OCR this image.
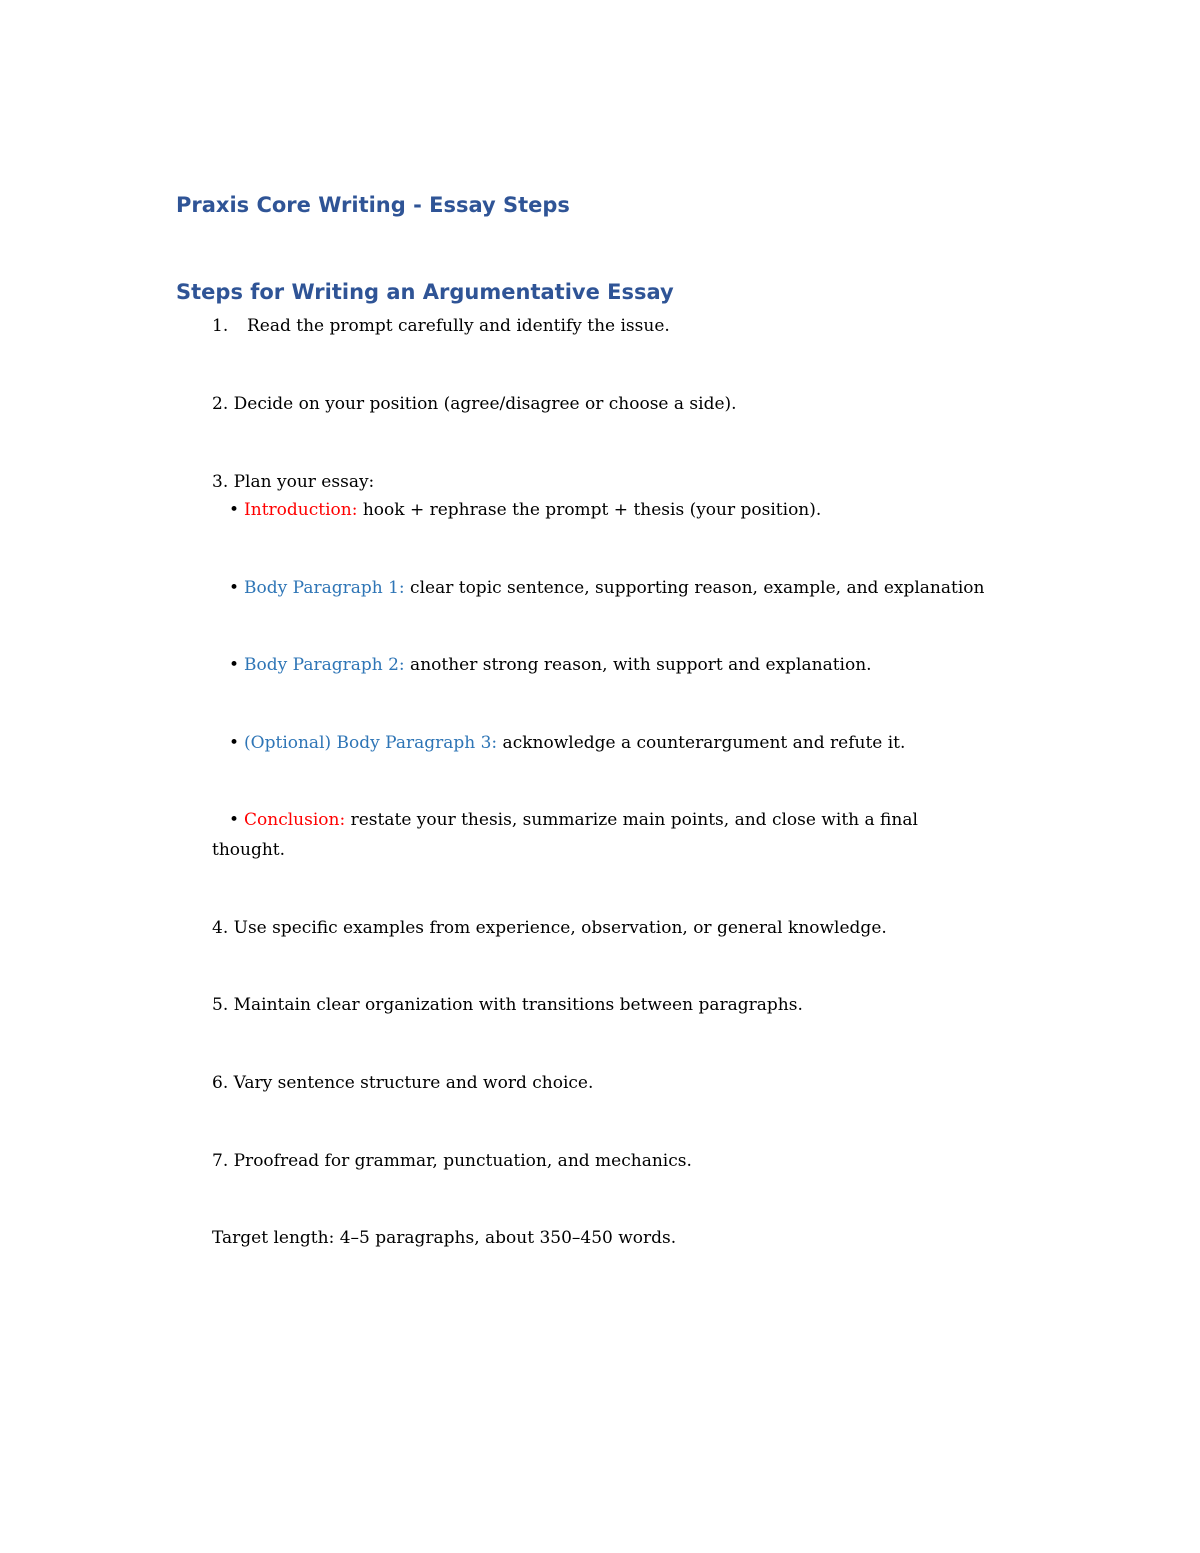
Praxis Core Writing - Essay Steps
Steps for Writing an Argumentative Essay

1. Read the prompt carefully and identify the issue.

2. Decide on your position (agree/disagree or choose a side).

3. Plan your essay:

• Introduction: hook + rephrase the prompt + thesis (your position).

• Body Paragraph 1: clear topic sentence, supporting reason, example, and explanation

• Body Paragraph 2: another strong reason, with support and explanation.

• (Optional) Body Paragraph 3: acknowledge a counterargument and refute it.

• Conclusion: restate your thesis, summarize main points, and close with a final

thought.

4. Use specific examples from experience, observation, or general knowledge.

5. Maintain clear organization with transitions between paragraphs.

6. Vary sentence structure and word choice.

7. Proofread for grammar, punctuation, and mechanics.

Target length: 4–5 paragraphs, about 350–450 words.
